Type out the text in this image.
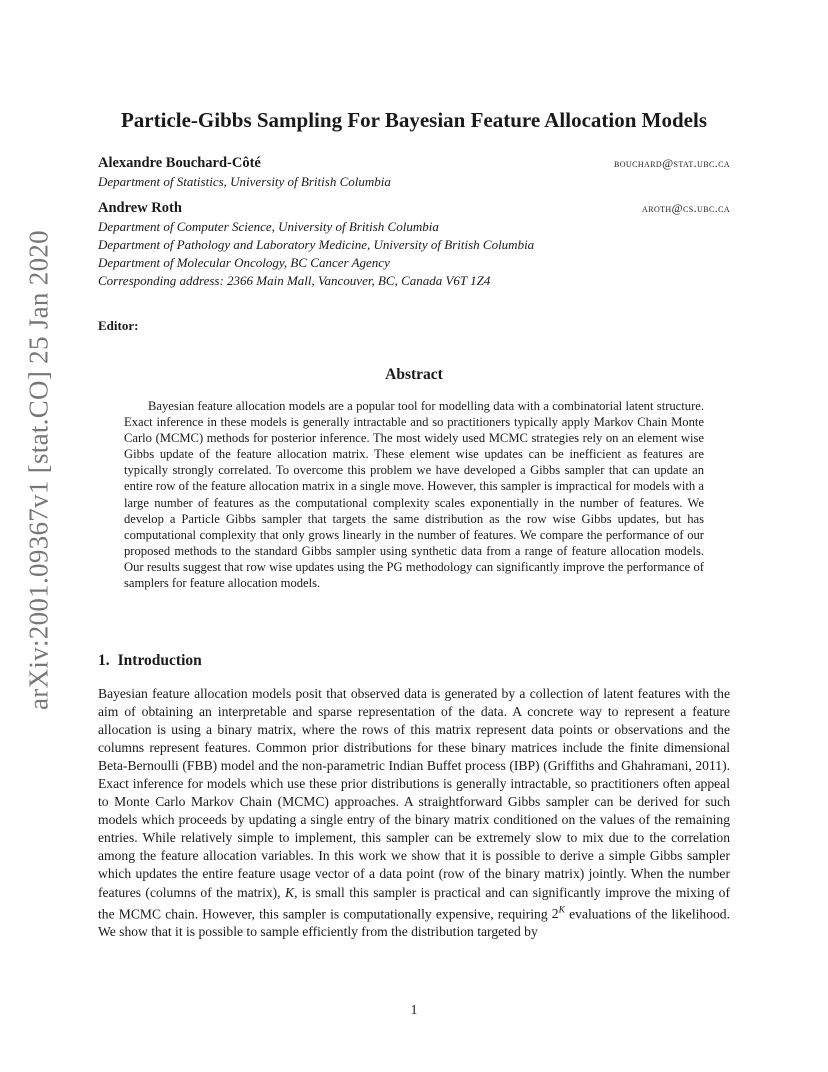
arXiv:2001.09367v1 [stat.CO] 25 Jan 2020
Particle-Gibbs Sampling For Bayesian Feature Allocation Models
Alexandre Bouchard-Côté	bouchard@stat.ubc.ca
Department of Statistics, University of British Columbia
Andrew Roth	aroth@cs.ubc.ca
Department of Computer Science, University of British Columbia
Department of Pathology and Laboratory Medicine, University of British Columbia
Department of Molecular Oncology, BC Cancer Agency
Corresponding address: 2366 Main Mall, Vancouver, BC, Canada V6T 1Z4
Editor:
Abstract
Bayesian feature allocation models are a popular tool for modelling data with a combinatorial latent structure. Exact inference in these models is generally intractable and so practitioners typically apply Markov Chain Monte Carlo (MCMC) methods for posterior inference. The most widely used MCMC strategies rely on an element wise Gibbs update of the feature allocation matrix. These element wise updates can be inefficient as features are typically strongly correlated. To overcome this problem we have developed a Gibbs sampler that can update an entire row of the feature allocation matrix in a single move. However, this sampler is impractical for models with a large number of features as the computational complexity scales exponentially in the number of features. We develop a Particle Gibbs sampler that targets the same distribution as the row wise Gibbs updates, but has computational complexity that only grows linearly in the number of features. We compare the performance of our proposed methods to the standard Gibbs sampler using synthetic data from a range of feature allocation models. Our results suggest that row wise updates using the PG methodology can significantly improve the performance of samplers for feature allocation models.
1. Introduction
Bayesian feature allocation models posit that observed data is generated by a collection of latent features with the aim of obtaining an interpretable and sparse representation of the data. A concrete way to represent a feature allocation is using a binary matrix, where the rows of this matrix represent data points or observations and the columns represent features. Common prior distributions for these binary matrices include the finite dimensional Beta-Bernoulli (FBB) model and the non-parametric Indian Buffet process (IBP) (Griffiths and Ghahramani, 2011). Exact inference for models which use these prior distributions is generally intractable, so practitioners often appeal to Monte Carlo Markov Chain (MCMC) approaches. A straightforward Gibbs sampler can be derived for such models which proceeds by updating a single entry of the binary matrix conditioned on the values of the remaining entries. While relatively simple to implement, this sampler can be extremely slow to mix due to the correlation among the feature allocation variables. In this work we show that it is possible to derive a simple Gibbs sampler which updates the entire feature usage vector of a data point (row of the binary matrix) jointly. When the number features (columns of the matrix), K, is small this sampler is practical and can significantly improve the mixing of the MCMC chain. However, this sampler is computationally expensive, requiring $2^K$ evaluations of the likelihood. We show that it is possible to sample efficiently from the distribution targeted by
1
